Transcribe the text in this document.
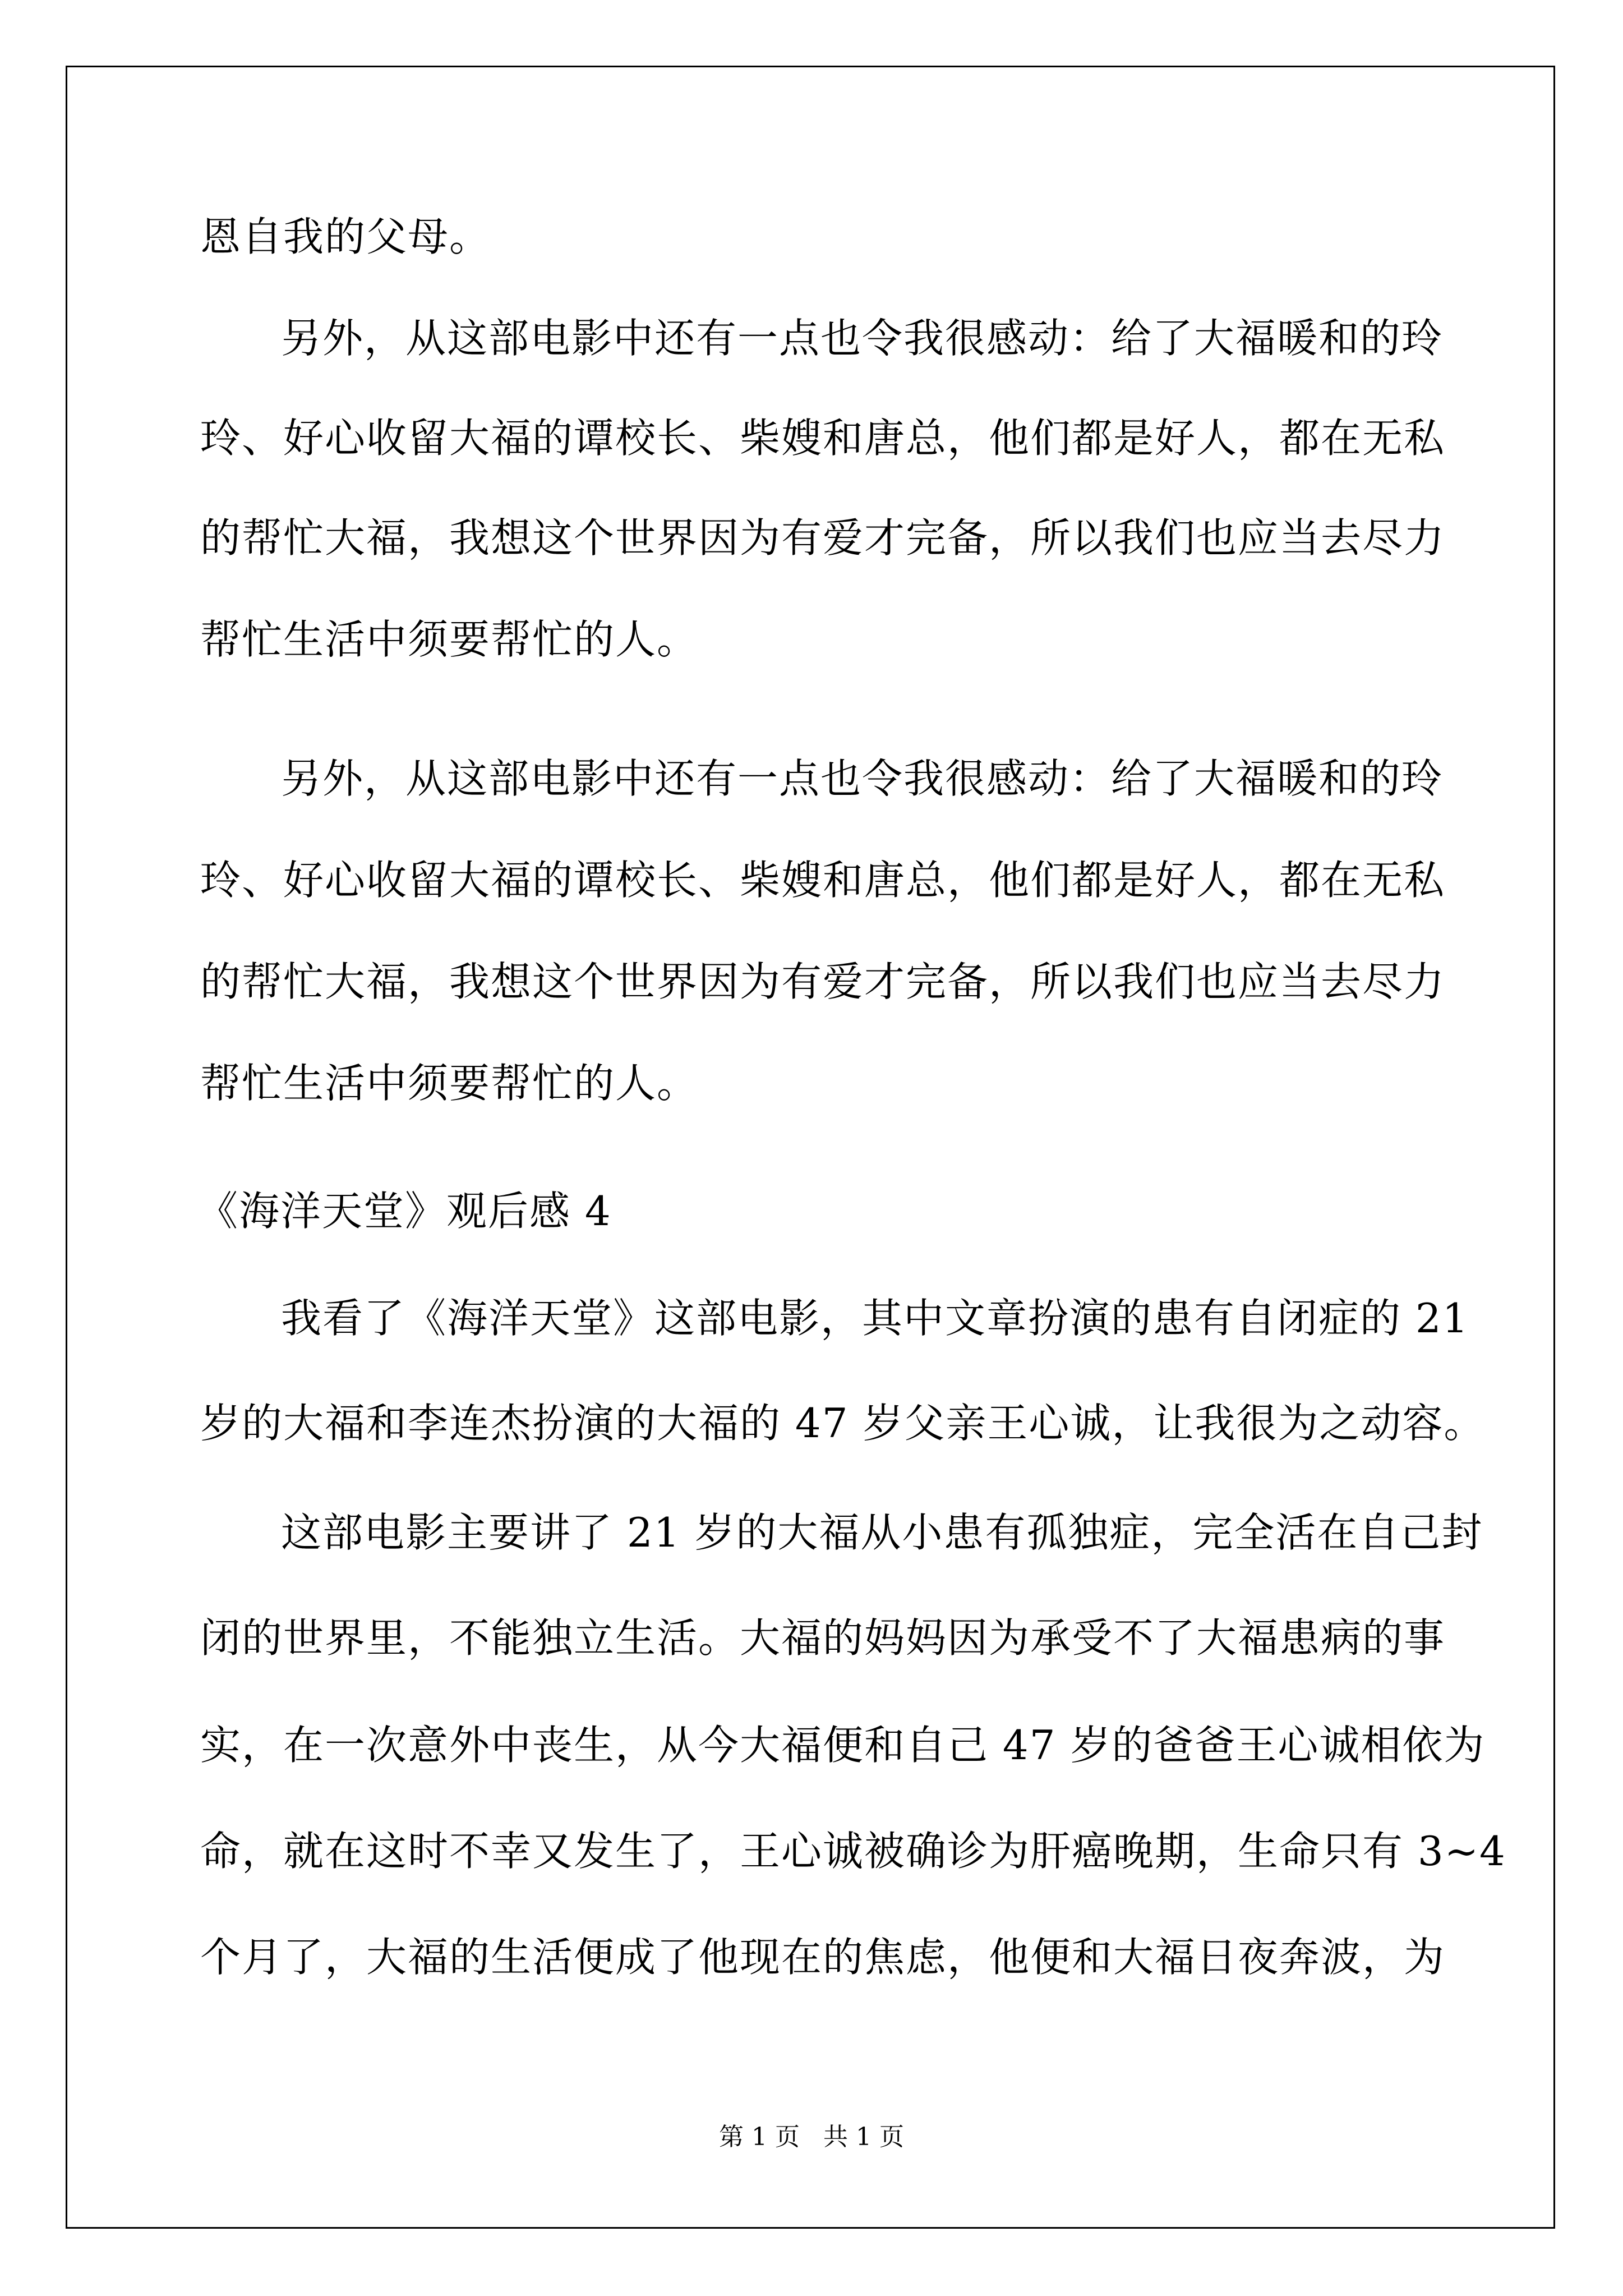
恩自我的父母。
另外，从这部电影中还有一点也令我很感动：给了大福暖和的玲
玲、好心收留大福的谭校长、柴嫂和唐总，他们都是好人，都在无私
的帮忙大福，我想这个世界因为有爱才完备，所以我们也应当去尽力
帮忙生活中须要帮忙的人。
另外，从这部电影中还有一点也令我很感动：给了大福暖和的玲
玲、好心收留大福的谭校长、柴嫂和唐总，他们都是好人，都在无私
的帮忙大福，我想这个世界因为有爱才完备，所以我们也应当去尽力
帮忙生活中须要帮忙的人。
《海洋天堂》观后感 4
我看了《海洋天堂》这部电影，其中文章扮演的患有自闭症的 21
岁的大福和李连杰扮演的大福的 47 岁父亲王心诚，让我很为之动容。
这部电影主要讲了 21 岁的大福从小患有孤独症，完全活在自己封
闭的世界里，不能独立生活。大福的妈妈因为承受不了大福患病的事
实，在一次意外中丧生，从今大福便和自己 47 岁的爸爸王心诚相依为
命，就在这时不幸又发生了，王心诚被确诊为肝癌晚期，生命只有 3~4
个月了，大福的生活便成了他现在的焦虑，他便和大福日夜奔波，为
第 1 页   共 1 页
